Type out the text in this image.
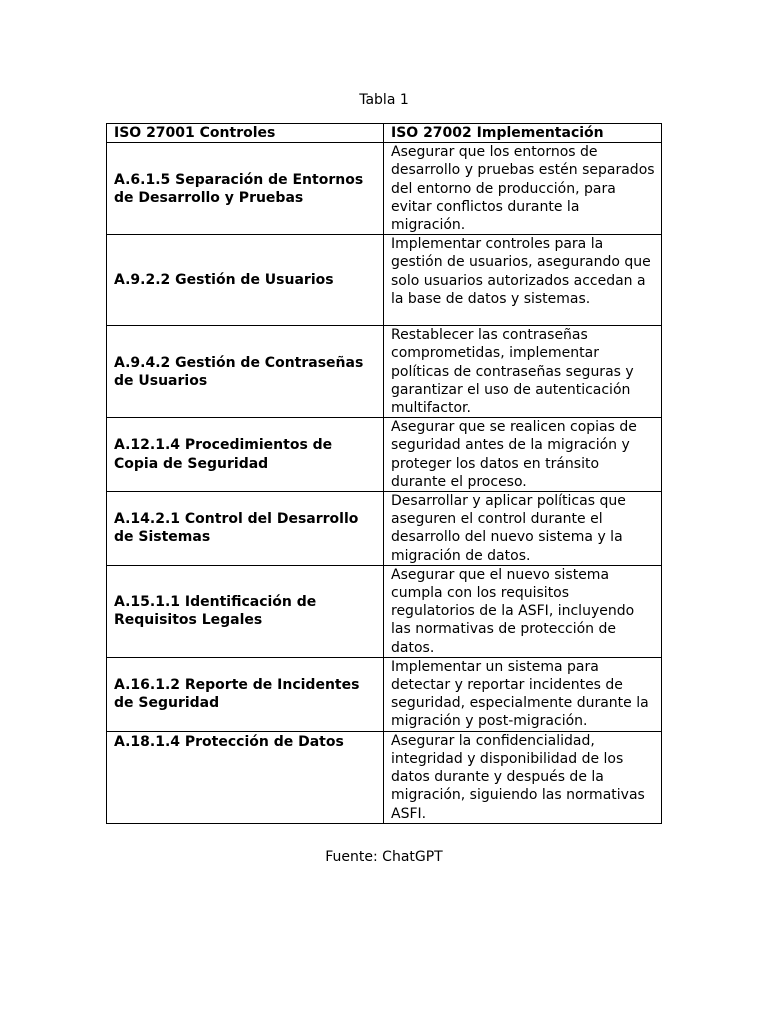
Tabla 1
ISO 27001 Controles	ISO 27002 Implementación
A.6.1.5 Separación de Entornos de Desarrollo y Pruebas	Asegurar que los entornos de desarrollo y pruebas estén separados del entorno de producción, para evitar conflictos durante la migración.
A.9.2.2 Gestión de Usuarios	Implementar controles para la gestión de usuarios, asegurando que solo usuarios autorizados accedan a la base de datos y sistemas.
A.9.4.2 Gestión de Contraseñas de Usuarios	Restablecer las contraseñas comprometidas, implementar políticas de contraseñas seguras y garantizar el uso de autenticación multifactor.
A.12.1.4 Procedimientos de Copia de Seguridad	Asegurar que se realicen copias de seguridad antes de la migración y proteger los datos en tránsito durante el proceso.
A.14.2.1 Control del Desarrollo de Sistemas	Desarrollar y aplicar políticas que aseguren el control durante el desarrollo del nuevo sistema y la migración de datos.
A.15.1.1 Identificación de Requisitos Legales	Asegurar que el nuevo sistema cumpla con los requisitos regulatorios de la ASFI, incluyendo las normativas de protección de datos.
A.16.1.2 Reporte de Incidentes de Seguridad	Implementar un sistema para detectar y reportar incidentes de seguridad, especialmente durante la migración y post-migración.
A.18.1.4 Protección de Datos	Asegurar la confidencialidad, integridad y disponibilidad de los datos durante y después de la migración, siguiendo las normativas ASFI.
Fuente: ChatGPT
